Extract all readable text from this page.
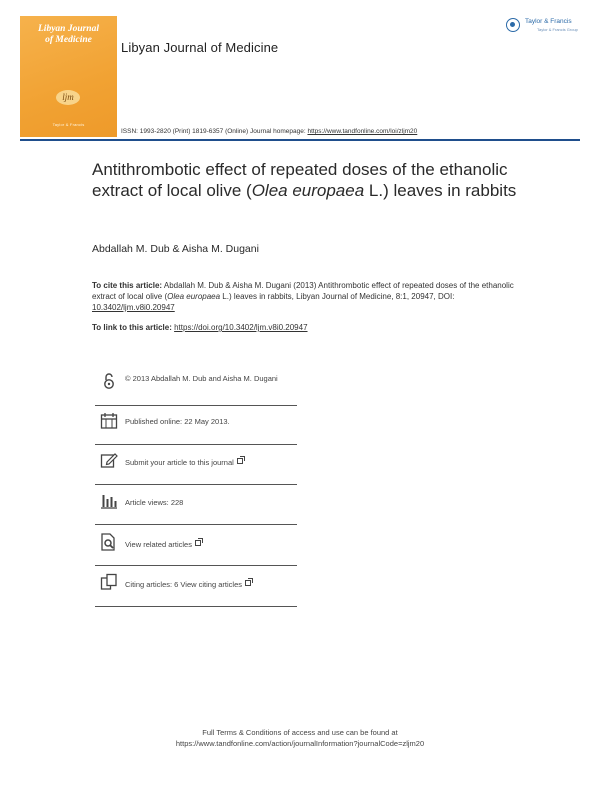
Libyan Journal
of Medicine
ljm
Taylor & Francis
Libyan Journal of Medicine
Taylor & Francis
Taylor & Francis Group
ISSN: 1993-2820 (Print) 1819-6357 (Online) Journal homepage: https://www.tandfonline.com/loi/zljm20
Antithrombotic effect of repeated doses of the ethanolic extract of local olive (Olea europaea L.) leaves in rabbits
Abdallah M. Dub & Aisha M. Dugani
To cite this article: Abdallah M. Dub & Aisha M. Dugani (2013) Antithrombotic effect of repeated doses of the ethanolic extract of local olive (Olea europaea L.) leaves in rabbits, Libyan Journal of Medicine, 8:1, 20947, DOI: 10.3402/ljm.v8i0.20947
To link to this article: https://doi.org/10.3402/ljm.v8i0.20947
© 2013 Abdallah M. Dub and Aisha M. Dugani
Published online: 22 May 2013.
Submit your article to this journal
Article views: 228
View related articles
Citing articles: 6 View citing articles
Full Terms & Conditions of access and use can be found at
https://www.tandfonline.com/action/journalInformation?journalCode=zljm20
